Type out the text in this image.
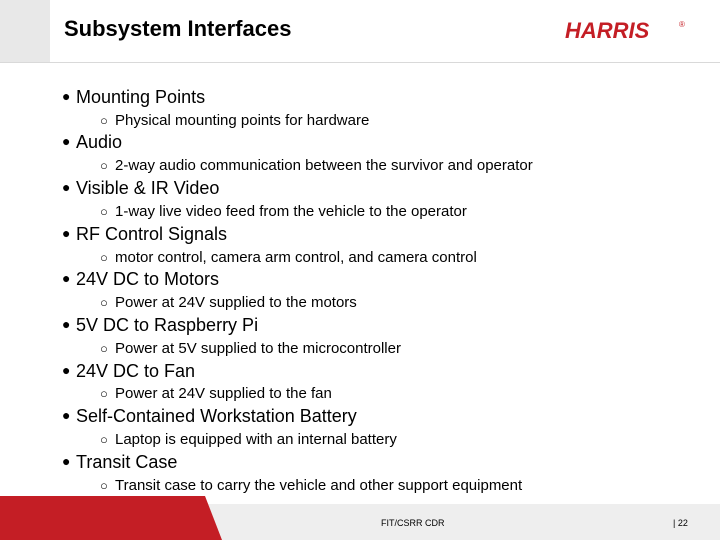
Subsystem Interfaces	HARRIS	®
● Mounting Points
○ Physical mounting points for hardware
● Audio
○ 2-way audio communication between the survivor and operator
● Visible & IR Video
○ 1-way live video feed from the vehicle to the operator
● RF Control Signals
○ motor control, camera arm control, and camera control
● 24V DC to Motors
○ Power at 24V supplied to the motors
● 5V DC to Raspberry Pi
○ Power at 5V supplied to the microcontroller
● 24V DC to Fan
○ Power at 24V supplied to the fan
● Self-Contained Workstation Battery
○ Laptop is equipped with an internal battery
● Transit Case
○ Transit case to carry the vehicle and other support equipment
FIT/CSRR CDR	| 22
